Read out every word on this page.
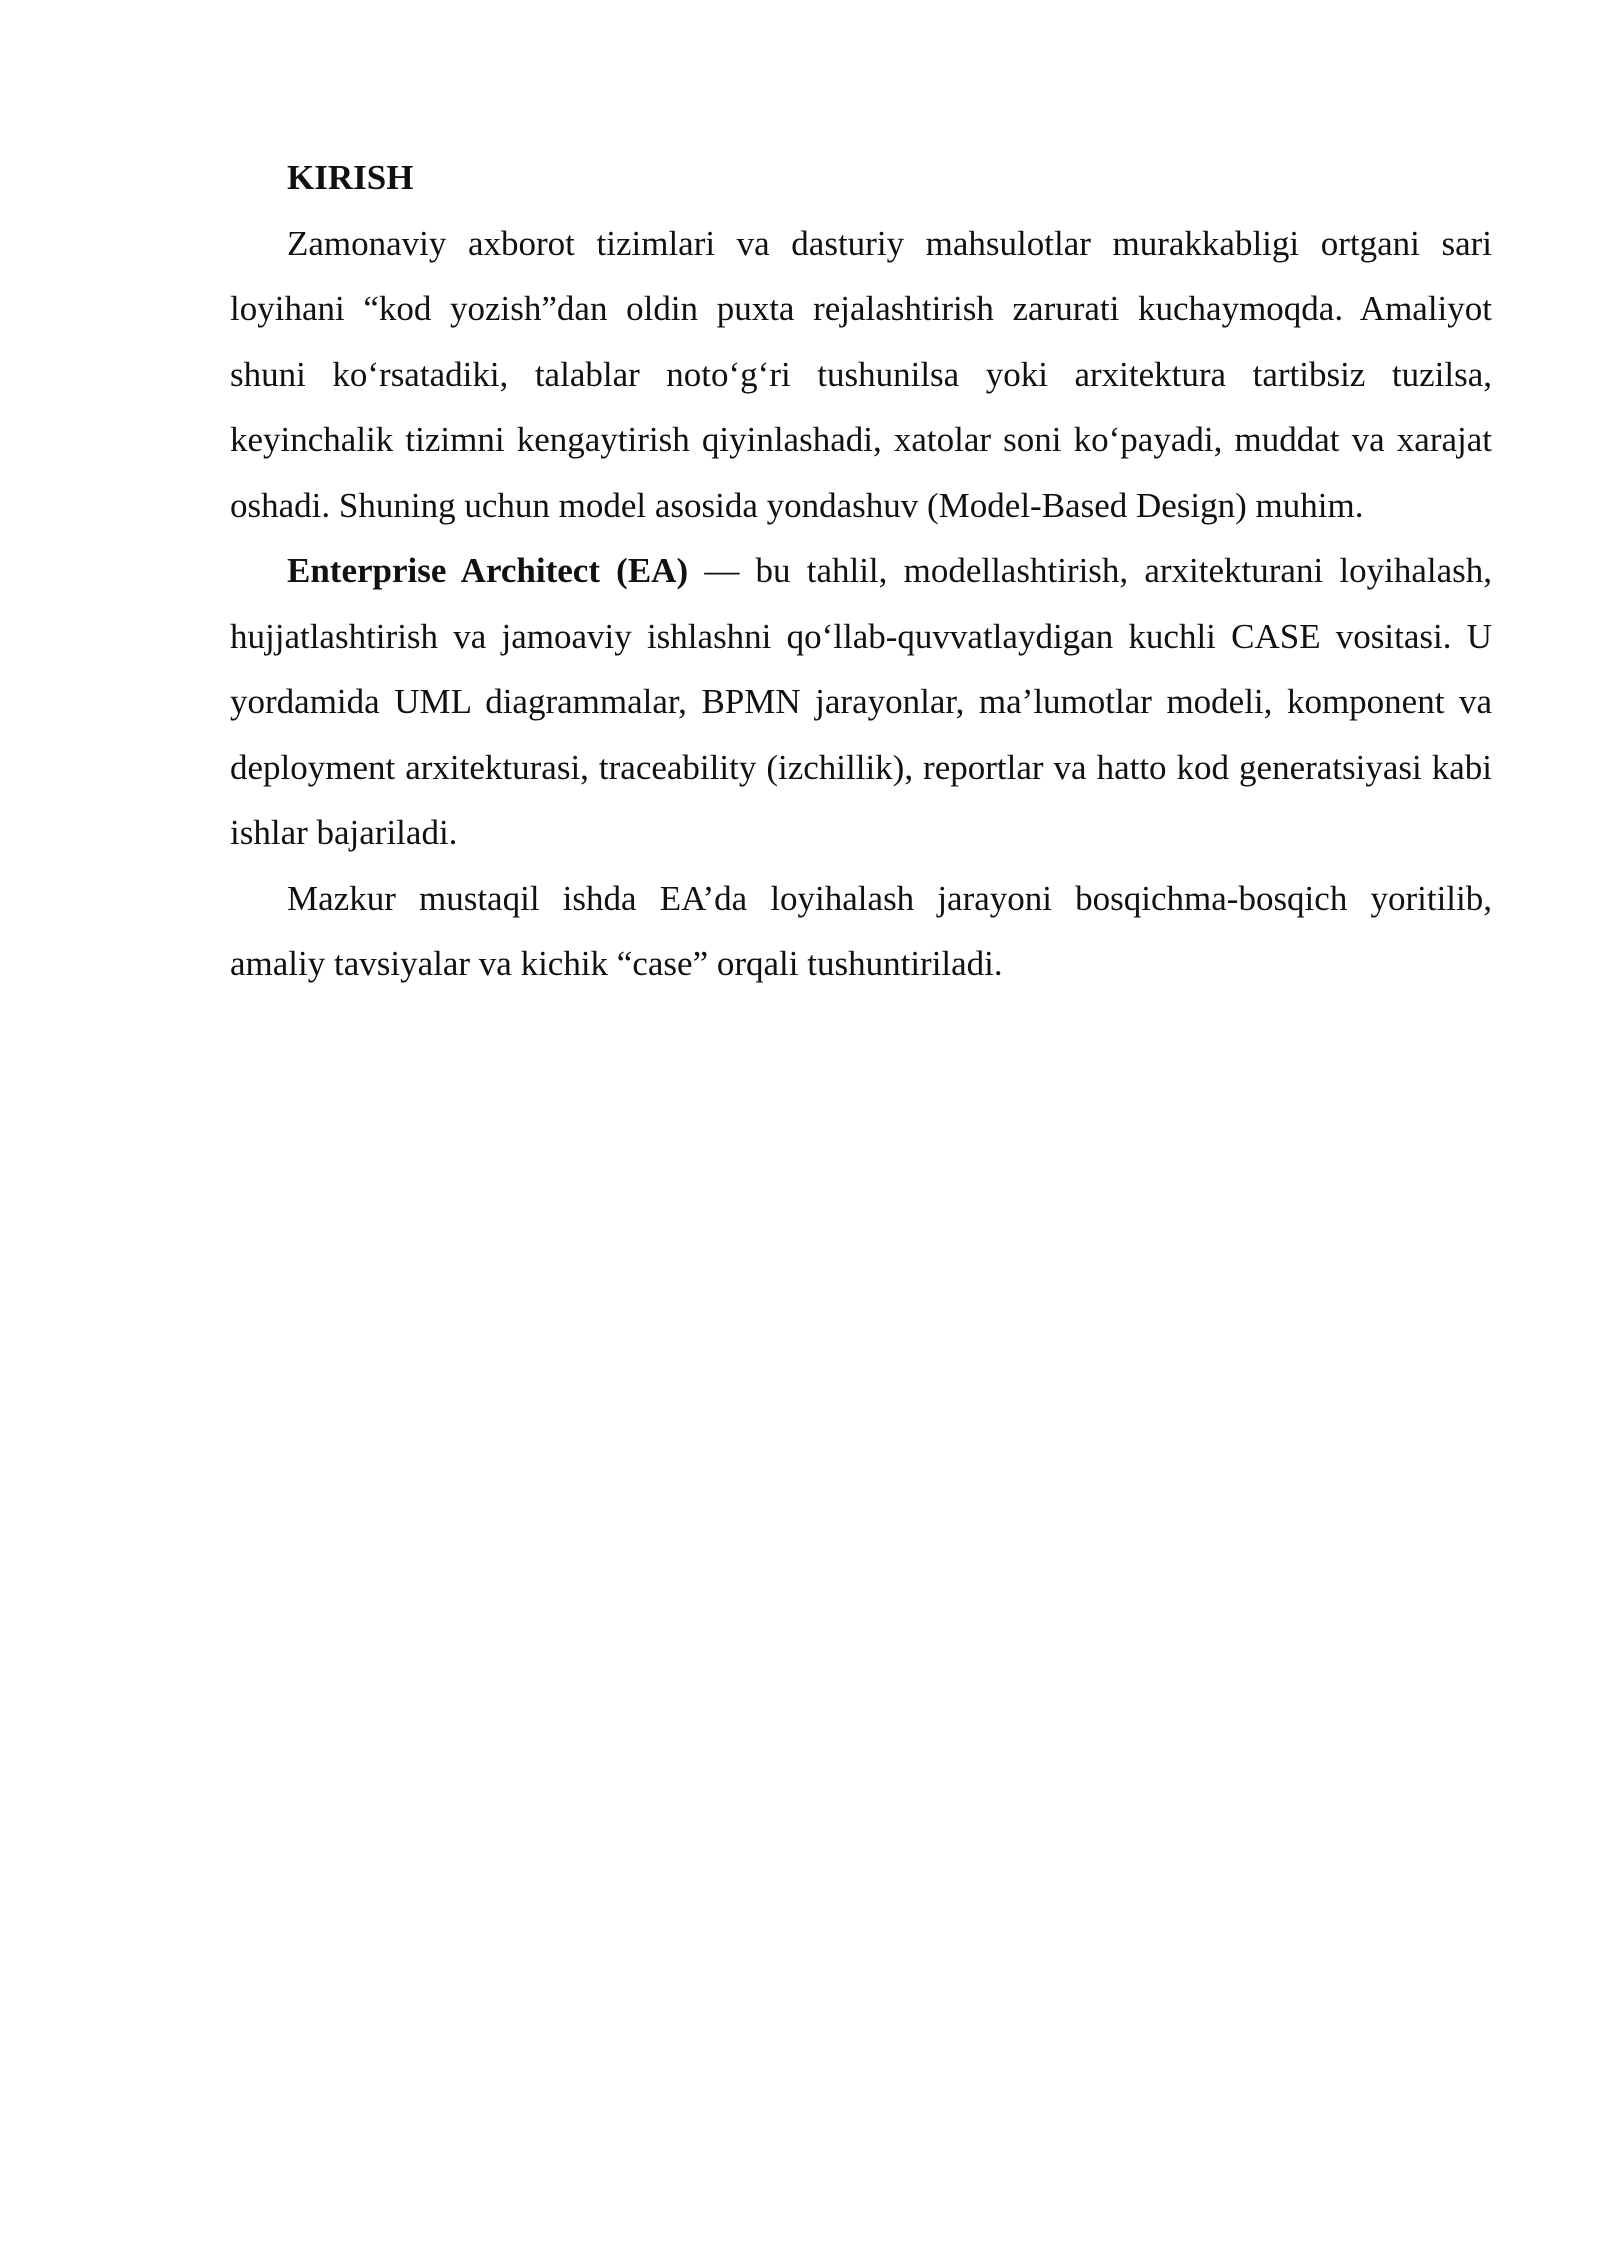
KIRISH

Zamonaviy axborot tizimlari va dasturiy mahsulotlar murakkabligi ortgani sari loyihani “kod yozish”dan oldin puxta rejalashtirish zarurati kuchaymoqda. Amaliyot shuni ko‘rsatadiki, talablar noto‘g‘ri tushunilsa yoki arxitektura tartibsiz tuzilsa, keyinchalik tizimni kengaytirish qiyinlashadi, xatolar soni ko‘payadi, muddat va xarajat oshadi. Shuning uchun model asosida yondashuv (Model-Based Design) muhim.

Enterprise Architect (EA) — bu tahlil, modellashtirish, arxitekturani loyihalash, hujjatlashtirish va jamoaviy ishlashni qo‘llab-quvvatlaydigan kuchli CASE vositasi. U yordamida UML diagrammalar, BPMN jarayonlar, ma’lumotlar modeli, komponent va deployment arxitekturasi, traceability (izchillik), reportlar va hatto kod generatsiyasi kabi ishlar bajariladi.

Mazkur mustaqil ishda EA’da loyihalash jarayoni bosqichma-bosqich yoritilib, amaliy tavsiyalar va kichik “case” orqali tushuntiriladi.
